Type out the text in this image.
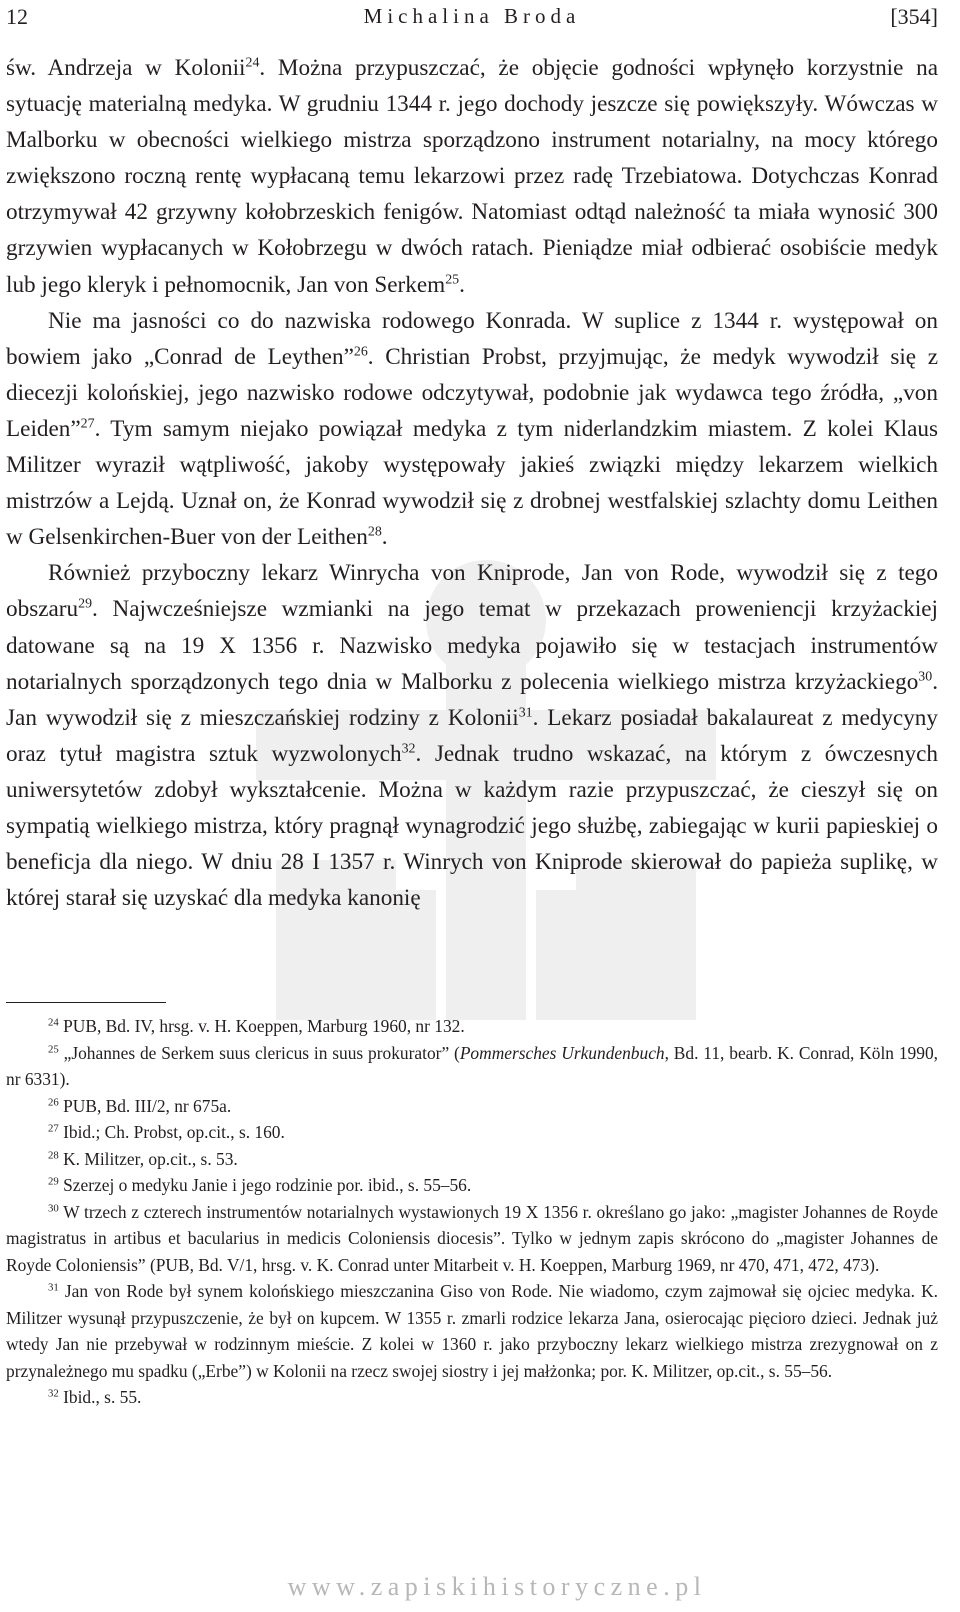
12	Michalina Broda	[354]

św. Andrzeja w Kolonii$^{24}$. Można przypuszczać, że objęcie godności wpłynęło korzystnie na sytuację materialną medyka. W grudniu 1344 r. jego dochody jeszcze się powiększyły. Wówczas w Malborku w obecności wielkiego mistrza sporządzono instrument notarialny, na mocy którego zwiększono roczną rentę wypłacaną temu lekarzowi przez radę Trzebiatowa. Dotychczas Konrad otrzymywał 42 grzywny kołobrzeskich fenigów. Natomiast odtąd należność ta miała wynosić 300 grzywien wypłacanych w Kołobrzegu w dwóch ratach. Pieniądze miał odbierać osobiście medyk lub jego kleryk i pełnomocnik, Jan von Serkem$^{25}$.

Nie ma jasności co do nazwiska rodowego Konrada. W suplice z 1344 r. występował on bowiem jako „Conrad de Leythen”$^{26}$. Christian Probst, przyjmując, że medyk wywodził się z diecezji kolońskiej, jego nazwisko rodowe odczytywał, podobnie jak wydawca tego źródła, „von Leiden”$^{27}$. Tym samym niejako powiązał medyka z tym niderlandzkim miastem. Z kolei Klaus Militzer wyraził wątpliwość, jakoby występowały jakieś związki między lekarzem wielkich mistrzów a Lejdą. Uznał on, że Konrad wywodził się z drobnej westfalskiej szlachty domu Leithen w Gelsenkirchen-Buer von der Leithen$^{28}$.

Również przyboczny lekarz Winrycha von Kniprode, Jan von Rode, wywodził się z tego obszaru$^{29}$. Najwcześniejsze wzmianki na jego temat w przekazach proweniencji krzyżackiej datowane są na 19 X 1356 r. Nazwisko medyka pojawiło się w testacjach instrumentów notarialnych sporządzonych tego dnia w Malborku z polecenia wielkiego mistrza krzyżackiego$^{30}$. Jan wywodził się z mieszczańskiej rodziny z Kolonii$^{31}$. Lekarz posiadał bakalaureat z medycyny oraz tytuł magistra sztuk wyzwolonych$^{32}$. Jednak trudno wskazać, na którym z ówczesnych uniwersytetów zdobył wykształcenie. Można w każdym razie przypuszczać, że cieszył się on sympatią wielkiego mistrza, który pragnął wynagrodzić jego służbę, zabiegając w kurii papieskiej o beneficja dla niego. W dniu 28 I 1357 r. Winrych von Kniprode skierował do papieża suplikę, w której starał się uzyskać dla medyka kanonię

$^{24}$ PUB, Bd. IV, hrsg. v. H. Koeppen, Marburg 1960, nr 132.

$^{25}$ „Johannes de Serkem suus clericus in suus prokurator” (Pommersches Urkundenbuch, Bd. 11, bearb. K. Conrad, Köln 1990, nr 6331).

$^{26}$ PUB, Bd. III/2, nr 675a.

$^{27}$ Ibid.; Ch. Probst, op.cit., s. 160.

$^{28}$ K. Militzer, op.cit., s. 53.

$^{29}$ Szerzej o medyku Janie i jego rodzinie por. ibid., s. 55–56.

$^{30}$ W trzech z czterech instrumentów notarialnych wystawionych 19 X 1356 r. określano go jako: „magister Johannes de Royde magistratus in artibus et bacularius in medicis Coloniensis diocesis”. Tylko w jednym zapis skrócono do „magister Johannes de Royde Coloniensis” (PUB, Bd. V/1, hrsg. v. K. Conrad unter Mitarbeit v. H. Koeppen, Marburg 1969, nr 470, 471, 472, 473).

$^{31}$ Jan von Rode był synem kolońskiego mieszczanina Giso von Rode. Nie wiadomo, czym zajmował się ojciec medyka. K. Militzer wysunął przypuszczenie, że był on kupcem. W 1355 r. zmarli rodzice lekarza Jana, osierocając pięcioro dzieci. Jednak już wtedy Jan nie przebywał w rodzinnym mieście. Z kolei w 1360 r. jako przyboczny lekarz wielkiego mistrza zrezygnował on z przynależnego mu spadku („Erbe”) w Kolonii na rzecz swojej siostry i jej małżonka; por. K. Militzer, op.cit., s. 55–56.

$^{32}$ Ibid., s. 55.

www.zapiskihistoryczne.pl
